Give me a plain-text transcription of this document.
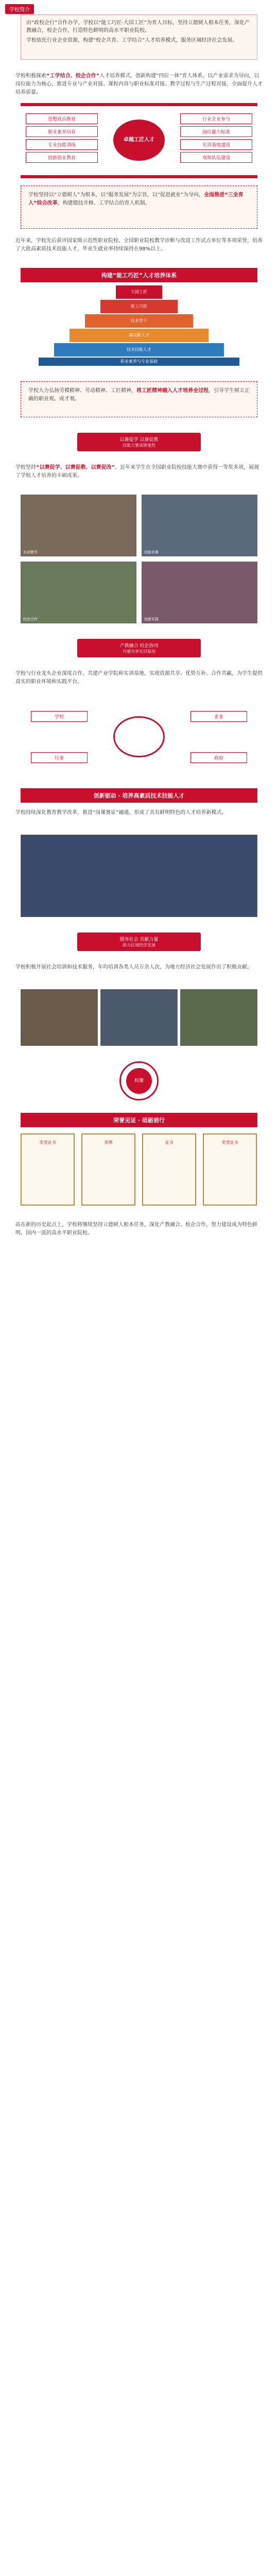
学校简介

由“政校企行”合作办学，学校以“能工巧匠·大国工匠”为育人目标，坚持立德树人根本任务，深化产教融合，校企合作，打造特色鲜明的高水平职业院校。

学校依托行业企业资源，构建“校企共育、工学结合”人才培养模式，服务区域经济社会发展。

学校积极探索“工学结合、校企合作”人才培养模式，创新构建“四位一体”育人体系，以产业需求为导向，以岗位能力为核心，推进专业与产业对接、课程内容与职业标准对接、教学过程与生产过程对接，全面提升人才培养质量。

思想政治教育
职业素养培育
专业技能训练
创新创业教育
卓越工匠人才
行业企业参与
岗位能力标准
实训基地建设
双师队伍建设

学校坚持以“立德树人”为根本，以“服务发展”为宗旨，以“促进就业”为导向，全面推进“三全育人”综合改革，构建德技并修、工学结合的育人机制。

近年来，学校先后获评国家级示范性职业院校、全国职业院校教学诊断与改进工作试点单位等多项荣誉，培养了大批高素质技术技能人才，毕业生就业率持续保持在98%以上。

构建“能工巧匠”人才培养体系
大国工匠
能工巧匠
技术骨干
高技能人才
技术技能人才
职业素养与专业基础

学校大力弘扬劳模精神、劳动精神、工匠精神，将工匠精神融入人才培养全过程，引导学生树立正确的职业观、成才观。

以赛促学 以赛促教
技能大赛成绩斐然

学校坚持“以赛促学、以赛促教、以赛促改”，近年来学生在全国职业院校技能大赛中获得一等奖多项，展现了学校人才培养的丰硕成果。

实训教学	技能竞赛
校企合作	创新实践
产教融合 校企协同
共建共享实训基地

学校与行业龙头企业深度合作，共建产业学院和实训基地，实现资源共享、优势互补、合作共赢，为学生提供真实的职业环境和实践平台。

学校	企业
行业	政府
创新驱动 · 培养高素质技术技能人才

学校持续深化教育教学改革，推进“岗课赛证”融通，形成了具有鲜明特色的人才培养新模式。

服务社会 贡献力量
助力区域经济发展

学校积极开展社会培训和技术服务，年均培训各类人员万余人次，为地方经济社会发展作出了积极贡献。

校徽
荣誉见证 · 砥砺前行
荣誉证书	奖牌	证书	荣誉证书

站在新的历史起点上，学校将继续坚持立德树人根本任务，深化产教融合、校企合作，努力建设成为特色鲜明、国内一流的高水平职业院校。
